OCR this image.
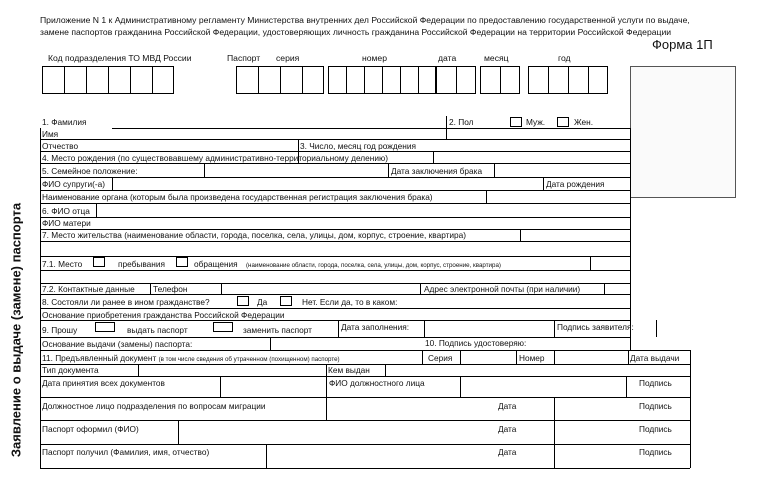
Приложение N 1 к Административному регламенту Министерства внутренних дел Российской Федерации по предоставлению государственной услуги по выдаче, замене паспортов гражданина Российской Федерации, удостоверяющих личность гражданина Российской Федерации на территории Российской Федерации
Форма 1П
Код подразделения ТО МВД России	Паспорт серия	номер	дата	месяц	год
Заявление о выдаче (замене) паспорта
1. Фамилия	2. Пол	Муж.	Жен.
Имя
Отчество	3. Число, месяц год рождения
4. Место рождения (по существовавшему административно-территориальному делению)
5. Семейное положение:	Дата заключения брака
ФИО супруги(-а)	Дата рождения
Наименование органа (которым была произведена государственная регистрация заключения брака)
6. ФИО отца
ФИО матери
7. Место жительства (наименование области, города, поселка, села, улицы, дом, корпус, строение, квартира)
7.1. Место	пребывания	обращения (наименование области, города, поселка, села, улицы, дом, корпус, строение, квартира)
7.2. Контактные данные Телефон	Адрес электронной почты (при наличии)
8. Состояли ли ранее в ином гражданстве?	Да	Нет. Если да, то в каком:
Основание приобретения гражданства Российской Федерации
9. Прошу	выдать паспорт	заменить паспорт	Дата заполнения:	Подпись заявителя:
Основание выдачи (замены) паспорта:	10. Подпись удостоверяю:
11. Предъявленный документ (в том числе сведения об утраченном (похищенном) паспорте)	Серия	Номер	Дата выдачи
Тип документа	Кем выдан
Дата принятия всех документов	ФИО должностного лица	Подпись
Должностное лицо подразделения по вопросам миграции	Дата	Подпись
Паспорт оформил (ФИО)	Дата	Подпись
Паспорт получил (Фамилия, имя, отчество)	Дата	Подпись
